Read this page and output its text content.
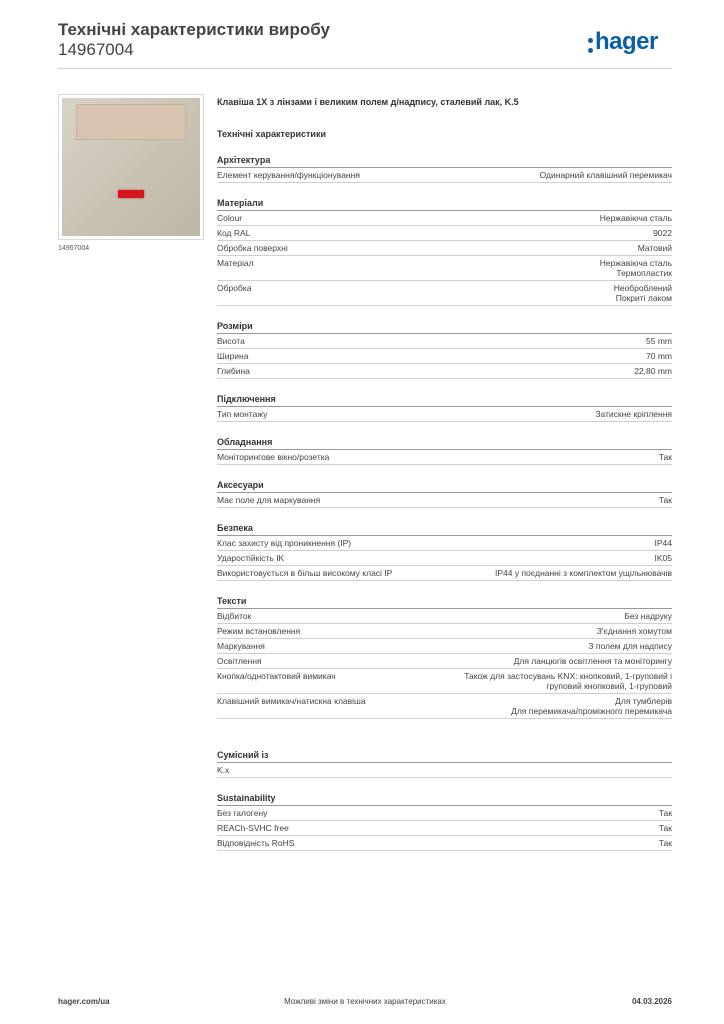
Технічні характеристики виробу
14967004	hager
14967004
Клавіша 1X з лінзами і великим полем д/надпису, сталевий лак, K.5
Технічні характеристики
Архітектура
Елемент керування/функціонування	Одинарний клавішний перемикач
Матеріали
Colour	Нержавіюча сталь
Код RAL	9022
Обробка поверхні	Матовий
Матеріал	Нержавіюча сталь
Термопластик
Обробка	Необроблений
Покриті лаком
Розміри
Висота	55 mm
Ширина	70 mm
Глибина	22,80 mm
Підключення
Тип монтажу	Затискне кріплення
Обладнання
Моніторингове вікно/розетка	Так
Аксесуари
Має поле для маркування	Так
Безпека
Клас захисту від проникнення (IP)	IP44
Ударостійкість IK	IK05
Використовується в більш високому класі IP	IP44 у поєднанні з комплектом ущільнювачів
Тексти
Відбиток	Без надруку
Режим встановлення	З'єднання хомутом
Маркування	З полем для надпису
Освітлення	Для ланцюгів освітлення та моніторингу
Кнопка/однотактовий вимикач	Також для застосувань KNX: кнопковий, 1-груповий і
груповий кнопковий, 1-груповий
Клавішний вимикач/натискна клавіша	Для тумблерів
Для перемикача/проміжного перемикача
Сумісний із
K.x
Sustainability
Без галогену	Так
REACh-SVHC free	Так
Відповідність RoHS	Так
hager.com/ua	Можливі зміни в технічних характеристиках	04.03.2026
